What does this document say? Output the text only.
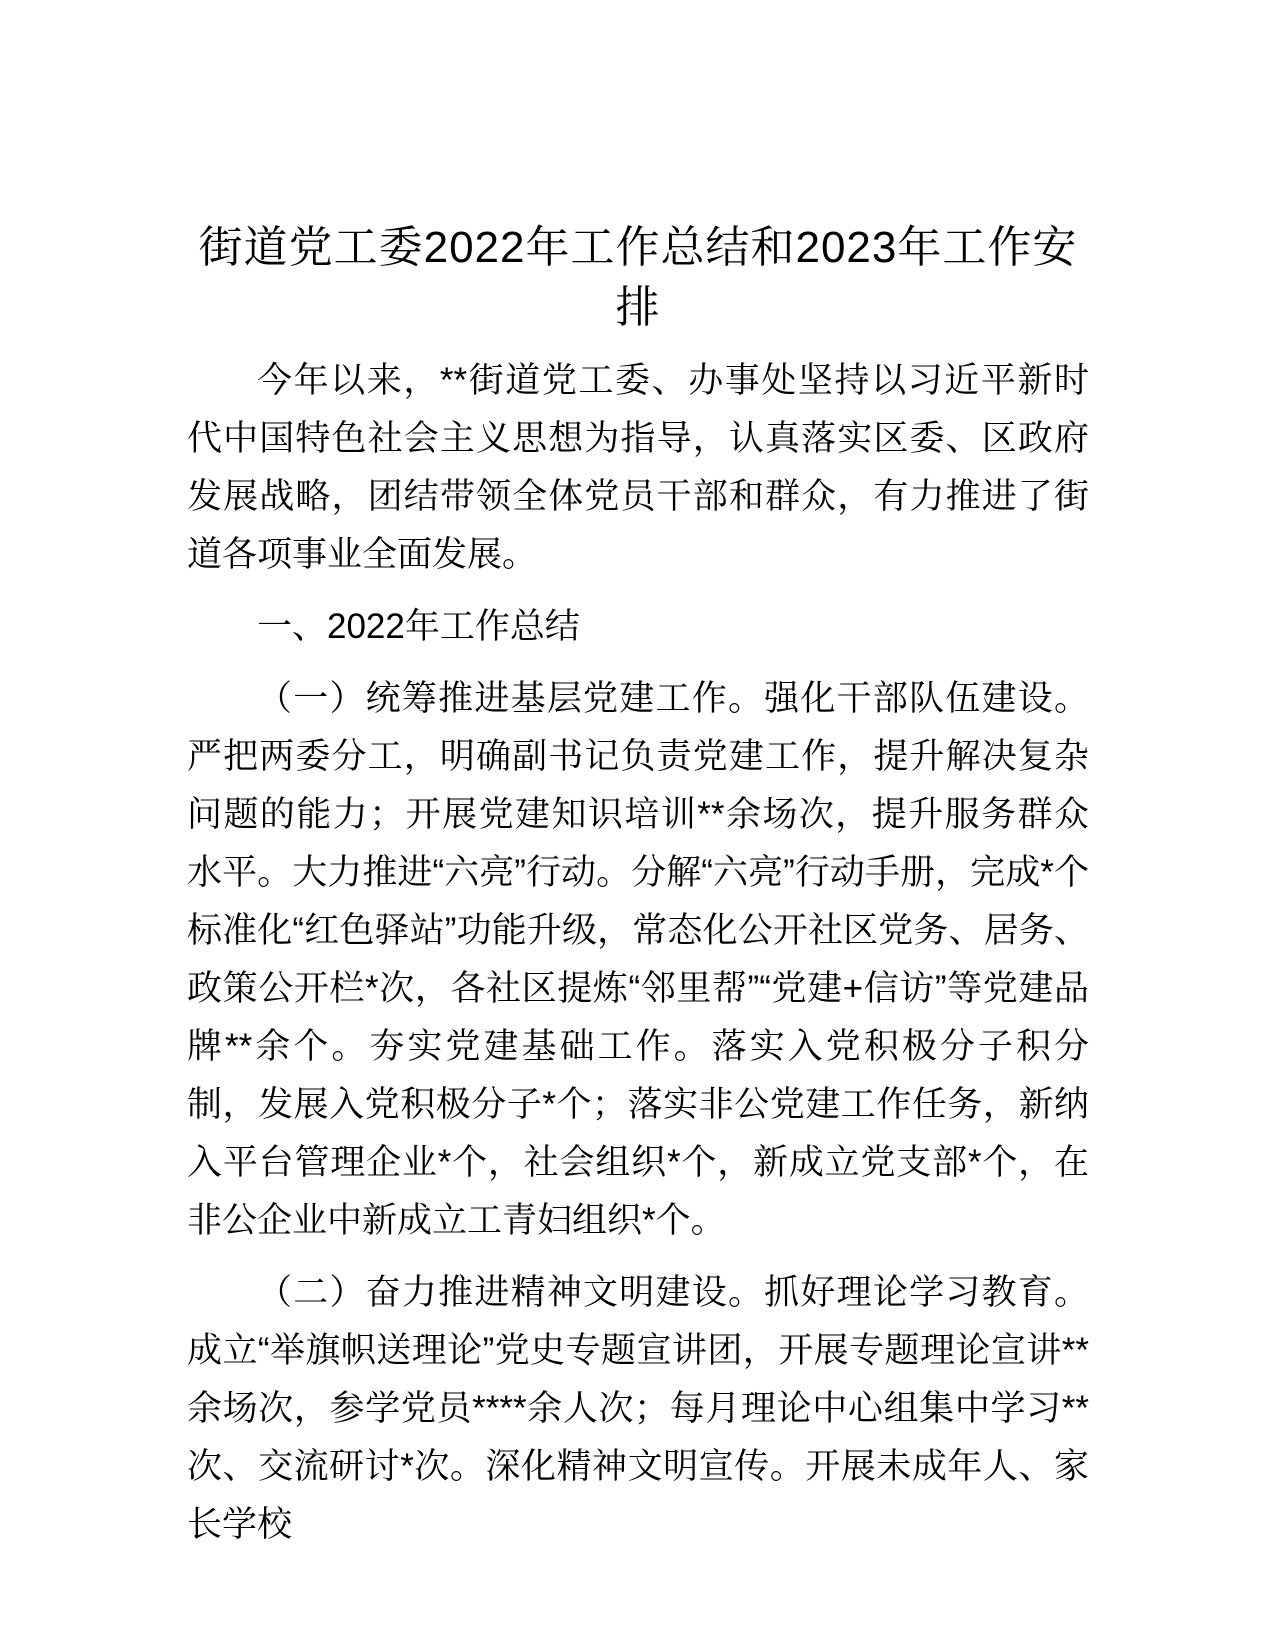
街道党工委2022年工作总结和2023年工作安
排

今年以来，**街道党工委、办事处坚持以习近平新时代中国特色社会主义思想为指导，认真落实区委、区政府发展战略，团结带领全体党员干部和群众，有力推进了街道各项事业全面发展。

一、2022年工作总结

（一）统筹推进基层党建工作。强化干部队伍建设。严把两委分工，明确副书记负责党建工作，提升解决复杂问题的能力；开展党建知识培训**余场次，提升服务群众水平。大力推进“六亮”行动。分解“六亮”行动手册，完成*个标准化“红色驿站”功能升级，常态化公开社区党务、居务、政策公开栏*次，各社区提炼“邻里帮”“党建+信访”等党建品牌**余个。夯实党建基础工作。落实入党积极分子积分制，发展入党积极分子*个；落实非公党建工作任务，新纳入平台管理企业*个，社会组织*个，新成立党支部*个，在非公企业中新成立工青妇组织*个。

（二）奋力推进精神文明建设。抓好理论学习教育。成立“举旗帜送理论”党史专题宣讲团，开展专题理论宣讲**余场次，参学党员****余人次；每月理论中心组集中学习**次、交流研讨*次。深化精神文明宣传。开展未成年人、家长学校
